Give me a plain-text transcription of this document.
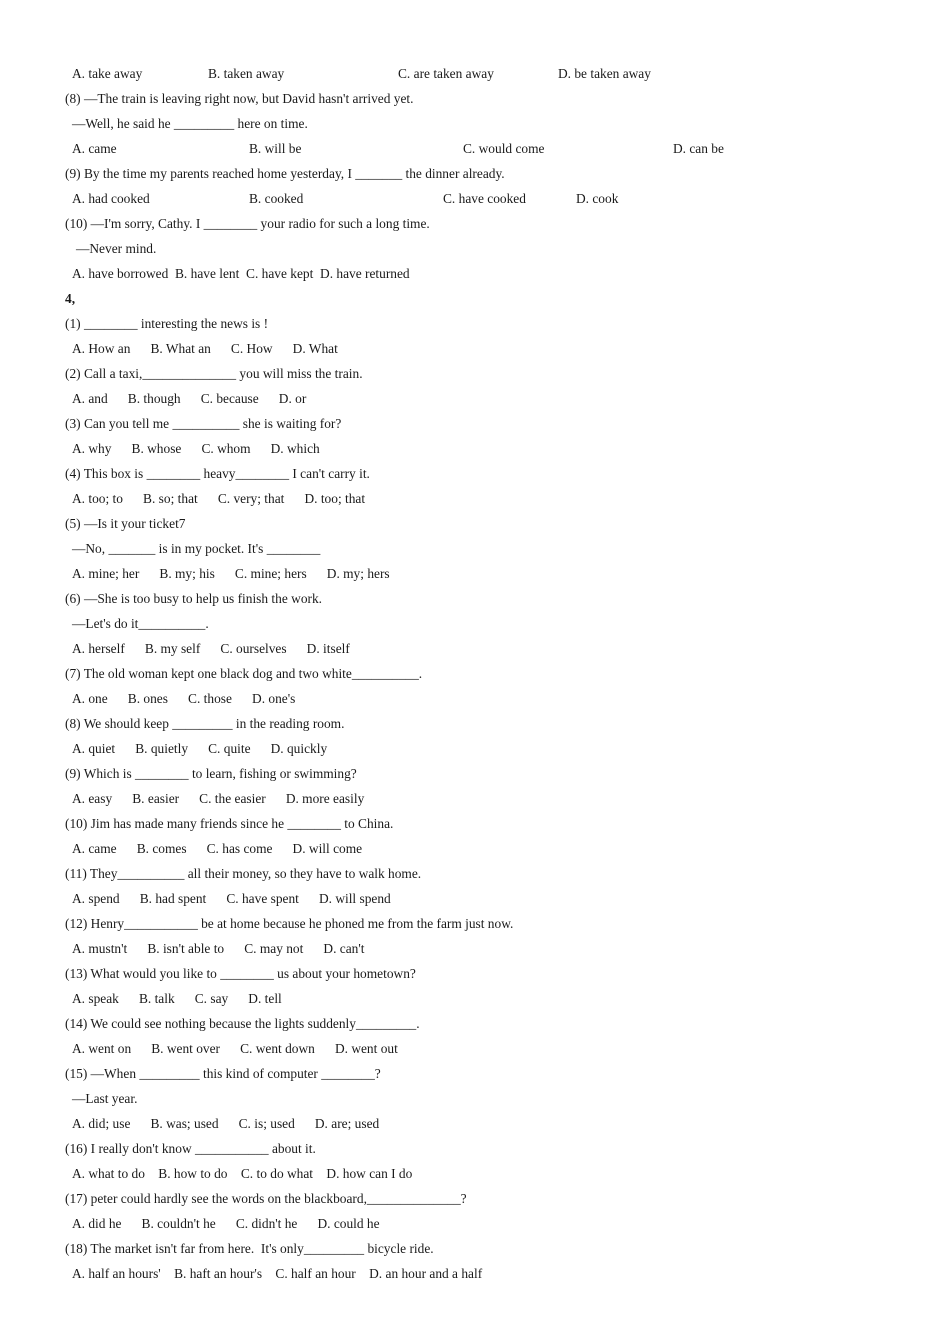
A. take away

	B. taken away

	C. are taken away

	D. be taken away

(8) —The train is leaving right now, but David hasn't arrived yet.
—Well, he said he _________ here on time.

A. came

	B. will be

	C. would come

	D. can be

(9) By the time my parents reached home yesterday, I _______ the dinner already.

A. had cooked

	B. cooked

	C. have cooked

	D. cook

(10) —I'm sorry, Cathy. I ________ your radio for such a long time.
—Never mind.
A. have borrowed  B. have lent  C. have kept  D. have returned
4,
(1) ________ interesting the news is !
A. How an      B. What an      C. How      D. What
(2) Call a taxi,______________ you will miss the train.
A. and      B. though      C. because      D. or
(3) Can you tell me __________ she is waiting for?
A. why      B. whose      C. whom      D. which
(4) This box is ________ heavy________ I can't carry it.
A. too; to      B. so; that      C. very; that      D. too; that
(5) —Is it your ticket7
—No, _______ is in my pocket. It's ________
A. mine; her      B. my; his      C. mine; hers      D. my; hers
(6) —She is too busy to help us finish the work.
—Let's do it__________.
A. herself      B. my self      C. ourselves      D. itself
(7) The old woman kept one black dog and two white__________.
A. one      B. ones      C. those      D. one's
(8) We should keep _________ in the reading room.
A. quiet      B. quietly      C. quite      D. quickly
(9) Which is ________ to learn, fishing or swimming?
A. easy      B. easier      C. the easier      D. more easily
(10) Jim has made many friends since he ________ to China.
A. came      B. comes      C. has come      D. will come
(11) They__________ all their money, so they have to walk home.
A. spend      B. had spent      C. have spent      D. will spend
(12) Henry___________ be at home because he phoned me from the farm just now.
A. mustn't      B. isn't able to      C. may not      D. can't
(13) What would you like to ________ us about your hometown?
A. speak      B. talk      C. say      D. tell
(14) We could see nothing because the lights suddenly_________.
A. went on      B. went over      C. went down      D. went out
(15) —When _________ this kind of computer ________?
—Last year.
A. did; use      B. was; used      C. is; used      D. are; used
(16) I really don't know ___________ about it.
A. what to do    B. how to do    C. to do what    D. how can I do
(17) peter could hardly see the words on the blackboard,______________?
A. did he      B. couldn't he      C. didn't he      D. could he
(18) The market isn't far from here.  It's only_________ bicycle ride.
A. half an hours'    B. haft an hour's    C. half an hour    D. an hour and a half
